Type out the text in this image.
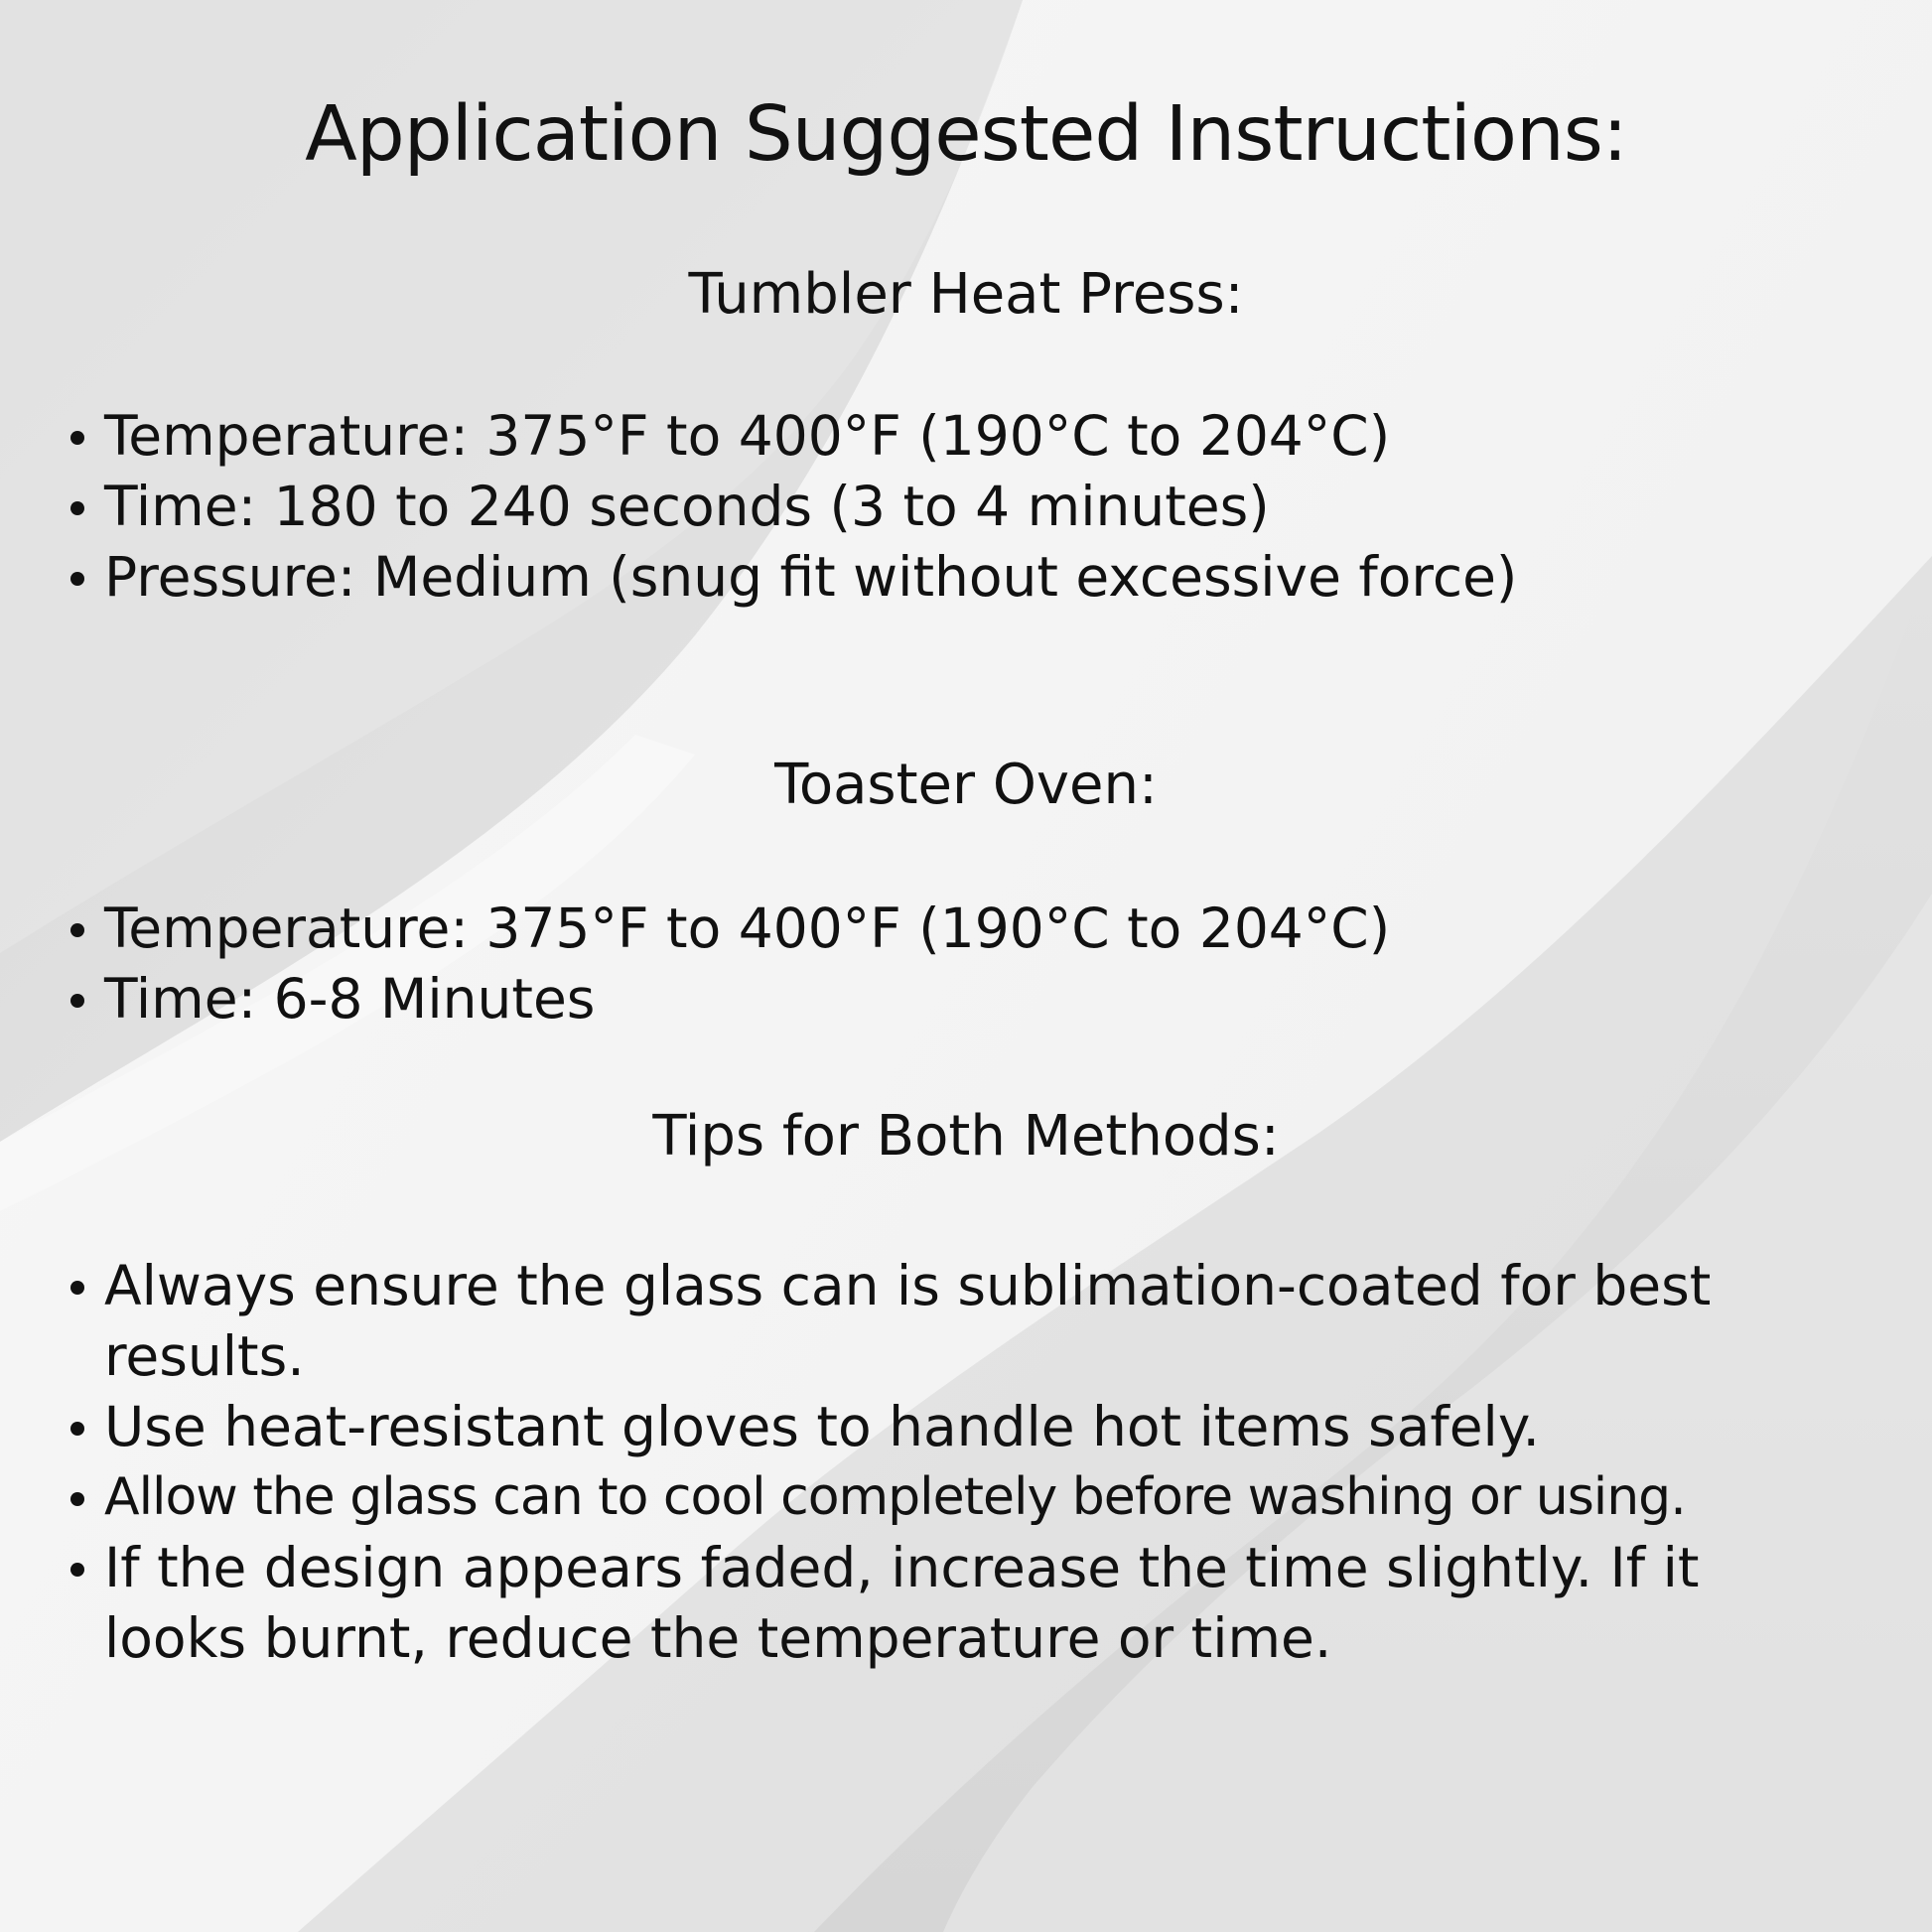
Application Suggested Instructions:
Tumbler Heat Press:
Temperature: 375°F to 400°F (190°C to 204°C)
Time: 180 to 240 seconds (3 to 4 minutes)
Pressure: Medium (snug fit without excessive force)
Toaster Oven:
Temperature: 375°F to 400°F (190°C to 204°C)
Time: 6-8 Minutes
Tips for Both Methods:
Always ensure the glass can is sublimation-coated for best results.
Use heat-resistant gloves to handle hot items safely.
Allow the glass can to cool completely before washing or using.
If the design appears faded, increase the time slightly. If it looks burnt, reduce the temperature or time.
